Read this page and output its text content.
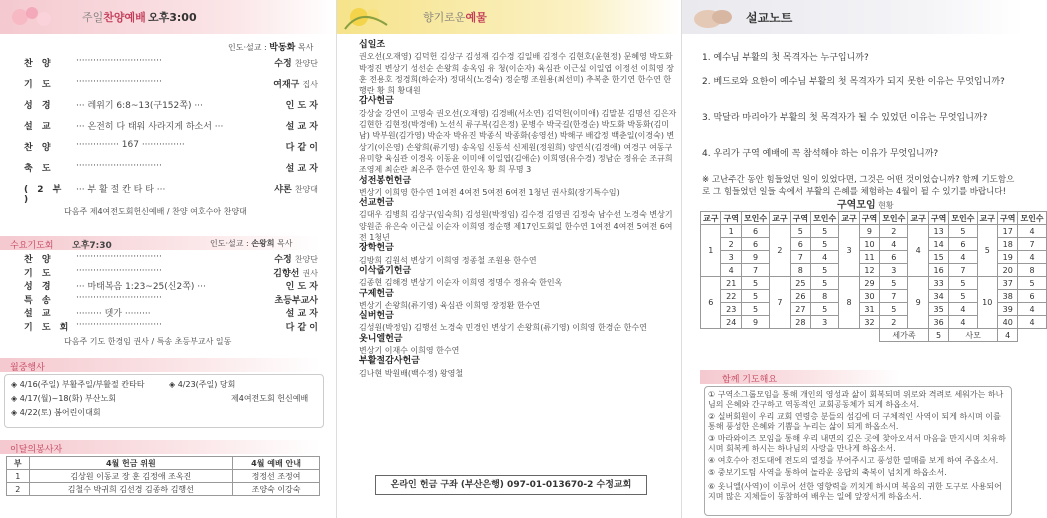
주일찬양예배 오후3:00
인도·설교 : 박동화 목사
찬 양	······························	수정 찬양단
기 도	······························	여재구 집사
성 경	··· 레위기 6:8~13(구152쪽) ···	인 도 자
설 교	··· 온전히 다 태워 사라지게 하소서 ···	설 교 자
찬 양	··············· 167 ···············	다 같 이
축 도	······························	설 교 자
( 2 부 )
··· 부 활 절 칸 타 타 ···	샤론 찬양대
다음주 제4여전도회헌신예배 / 찬양 여호수아 찬양대
수요기도회 오후7:30	인도·설교 : 손왕희 목사
찬 양	······························	수정 찬양단
기 도	······························	김향선 권사
성 경	··· 마태복음 1:23~25(신2쪽) ···	인 도 자
특 송	······························	초등부교사
설 교	········· 뎃가 ·········	설 교 자
기 도 회 ······························	다 같 이
다음주 기도 한경임 권사 / 특송 초등부교사 일동
월중행사
◈ 4/16(주일) 부활주일/부활절 칸타타
◈ 4/17(월)~18(화) 부산노회
◈ 4/22(토) 봄어린이대회
◈ 4/23(주일) 당회
제4여전도회 헌신예배
이달의봉사자
부	4월 헌금 위원	4월 예배 안내
1	김상원 이동교 장 훈 김정애 조옥진	정정선 조정여
2	김철수 박귀희 김선경 김종하 김행선	조양숙 이강숙
향기로운예물
십일조
권오선(오재영) 김덕헌 김상구 김성재 김수경 김일배 김정수 김현호(윤현정) 문혜영 박도화 박정진 변상기 성선순 손왕희 송옥임 유 청(이순자) 육심관 이근실 이일엽 이정선 이희영 장 훈 전용호 정경희(하순자) 정대식(노경숙) 정순행 조원용(최선미) 추복춘 한기연 한수연 한행란 황 희 황대원
감사헌금
강상술 강연이 고영숙 권오선(오재영) 김경배(서소연) 김덕헌(이미애) 김말분 김명선 김은자 김현한 김현정(박경애) 노선식 류구복(김은정) 문병수 박국길(한경순) 박도화 박동화(김미남) 박부원(김가영) 박순자 박유진 박종식 박종화(송영선) 박해구 배갑정 백춘일(이경숙) 변상기(이은영) 손왕희(류기영) 송옥임 신동석 신제원(정원희) 양연식(김경애) 여경구 여동구 유미향 육심관 이경옥 이동윤 이미애 이일엽(김애순) 이희영(유수경) 정남순 정유순 조규희 조영제 최순란 최은주 한수연 한인옥 황 희 무명 3
성전봉헌헌금
변상기 이희영 한수연 1여전 4여전 5여전 6여전 1청년 권사회(장기특수임)
선교헌금
김대우 김병희 김상구(임숙희) 김성원(박정임) 김수경 김영권 김정숙 남수선 노경숙 변상기 양원준 유은숙 이근실 이순자 이희영 정순행 제17인도회일 한수연 1여전 4여전 5여전 6여전 1청년
장학헌금
김방희 김원석 변상기 이희영 정종철 조원용 한수연
이삭줍기헌금
김종현 김해경 변상기 이순자 이희영 정명수 정유숙 한인옥
구제헌금
변상기 손왕희(류기영) 육심관 이희영 장정환 한수연
실버헌금
김성원(박정임) 김행선 노경숙 민경인 변상기 손왕희(류기영) 이희영 한경순 한수연
옷니엘헌금
변상기 이재수 이희영 한수연
부활절감사헌금
김나현 박원배(백수정) 왕영철
온라인 헌금 구좌 (부산은행) 097-01-013670-2 수정교회
설교노트
1. 예수님 부활의 첫 목격자는 누구입니까?
2. 베드로와 요한이 예수님 부활의 첫 목격자가 되지 못한 이유는 무엇입니까?
3. 막달라 마리아가 부활의 첫 목격자가 될 수 있었던 이유는 무엇입니까?
4. 우리가 구역 예배에 꼭 참석해야 하는 이유가 무엇입니까?
※ 고난주간 동안 힘들었던 일이 있었다면, 그것은 어떤 것이었습니까? 함께 기도함으로 그 힘들었던 일들 속에서 부활의 은혜를 체험하는 4월이 될 수 있기를 바랍니다!
구역모임 현황
교구	구역	모인수	교구	구역	모인수	교구	구역	모인수	교구	구역	모인수	교구	구역	모인수
1	1	6	2	5	5	3	9	2	4	13	5	5	17	4
	2	6		6	5		10	4		14	6		18	7
	3	9		7	4		11	6		15	4		19	4
	4	7		8	5		12	3		16	7		20	8
6	21	5	7	25	5	8	29	5	9	33	5	10	37	5
	22	5		26	8		30	7		34	5		38	6
	23	5		27	5		31	5		35	4		39	4
	24	9		28	3		32	2		36	4		40	4
								세가족		5	사모		4	
함께 기도해요
① 구역소그룹모임을 통해 개인의 영성과 삶이 회복되며 위로와 격려로 세워가는 하나님의 은혜와 간구하고 역동적인 교회공동체가 되게 하옵소서.
② 실버회원이 우리 교회 연령층 분들의 섬김에 더 구체적인 사역이 되게 하시며 이를 통해 풍성한 은혜와 기쁨을 누리는 삶이 되게 하옵소서.
③ 마라와이즈 모임을 통해 우리 내면의 깊은 곳에 찾아오셔서 마음을 만지시며 치유하시며 회복케 하시는 하나님의 사랑을 만나게 하옵소서.
④ 여호수아 전도대에 전도의 열정을 부어주시고 풍성한 열매를 보게 하여 주옵소서.
⑤ 중보기도팀 사역을 통하여 놀라운 응답의 축복이 넘치게 하옵소서.
⑥ 옷니엘(사역)이 이루어 선한 영향력을 끼치게 하시며 복음의 귀한 도구로 사용되어지며 많은 지체들이 동참하여 배우는 일에 앞장서게 하옵소서.
